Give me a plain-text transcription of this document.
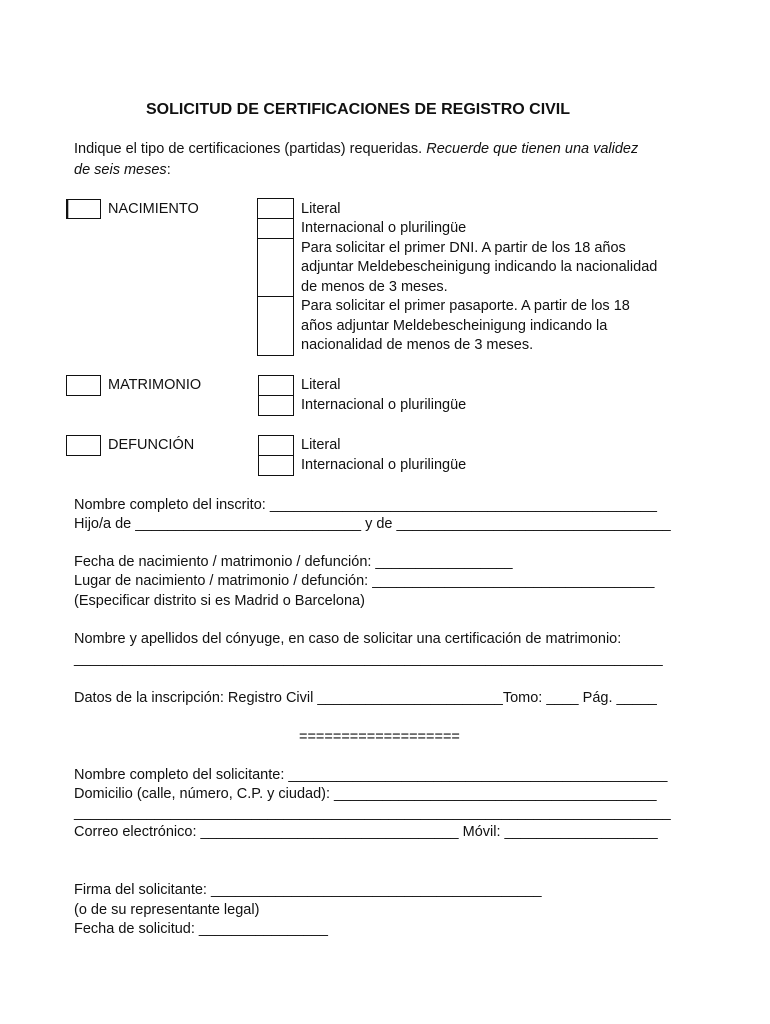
SOLICITUD DE CERTIFICACIONES DE REGISTRO CIVIL
Indique el tipo de certificaciones (partidas) requeridas. Recuerde que tienen una validez
de seis meses:
NACIMIENTO	Literal
Internacional o plurilingüe
Para solicitar el primer DNI. A partir de los 18 años
adjuntar Meldebescheinigung indicando la nacionalidad
de menos de 3 meses.
Para solicitar el primer pasaporte. A partir de los 18
años adjuntar Meldebescheinigung indicando la
nacionalidad de menos de 3 meses.
MATRIMONIO	Literal
Internacional o plurilingüe
DEFUNCIÓN	Literal
Internacional o plurilingüe
Nombre completo del inscrito: ________________________________________________
Hijo/a de ____________________________ y de __________________________________
Fecha de nacimiento / matrimonio / defunción: _________________
Lugar de nacimiento / matrimonio / defunción: ___________________________________
(Especificar distrito si es Madrid o Barcelona)
Nombre y apellidos del cónyuge, en caso de solicitar una certificación de matrimonio:
_________________________________________________________________________
Datos de la inscripción: Registro Civil _______________________Tomo: ____ Pág. _____
===================
Nombre completo del solicitante: _______________________________________________
Domicilio (calle, número, C.P. y ciudad): ________________________________________
__________________________________________________________________________
Correo electrónico: ________________________________ Móvil: ___________________
Firma del solicitante: _________________________________________
(o de su representante legal)
Fecha de solicitud: ________________
